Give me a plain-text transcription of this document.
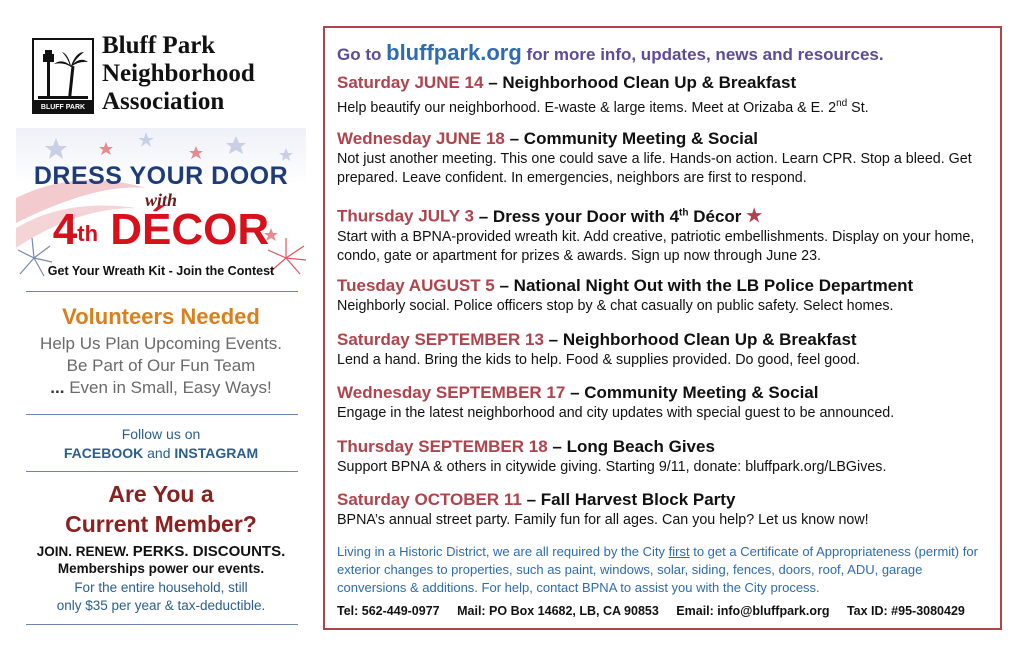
BLUFF PARK
Bluff Park
Neighborhood
Association
DRESS YOUR DOOR
with
4th DÉCOR
Get Your Wreath Kit - Join the Contest
Volunteers Needed
Help Us Plan Upcoming Events.
Be Part of Our Fun Team
... Even in Small, Easy Ways!
Follow us on
FACEBOOK and INSTAGRAM
Are You a
Current Member?
JOIN. RENEW. PERKS. DISCOUNTS.
Memberships power our events.
For the entire household, still
only $35 per year & tax-deductible.
Go to bluffpark.org for more info, updates, news and resources.
Saturday JUNE 14 – Neighborhood Clean Up & Breakfast
Help beautify our neighborhood. E-waste & large items. Meet at Orizaba & E. 2nd St.
Wednesday JUNE 18 – Community Meeting & Social
Not just another meeting. This one could save a life. Hands-on action. Learn CPR. Stop a bleed. Get prepared. Leave confident. In emergencies, neighbors are first to respond.
Thursday JULY 3 – Dress your Door with 4th Décor ★
Start with a BPNA-provided wreath kit. Add creative, patriotic embellishments. Display on your home, condo, gate or apartment for prizes & awards. Sign up now through June 23.
Tuesday AUGUST 5 – National Night Out with the LB Police Department
Neighborly social. Police officers stop by & chat casually on public safety. Select homes.
Saturday SEPTEMBER 13 – Neighborhood Clean Up & Breakfast
Lend a hand. Bring the kids to help. Food & supplies provided. Do good, feel good.
Wednesday SEPTEMBER 17 – Community Meeting & Social
Engage in the latest neighborhood and city updates with special guest to be announced.
Thursday SEPTEMBER 18 – Long Beach Gives
Support BPNA & others in citywide giving. Starting 9/11, donate: bluffpark.org/LBGives.
Saturday OCTOBER 11 – Fall Harvest Block Party
BPNA’s annual street party. Family fun for all ages. Can you help? Let us know now!
Living in a Historic District, we are all required by the City first to get a Certificate of Appropriateness (permit) for exterior changes to properties, such as paint, windows, solar, siding, fences, doors, roof, ADU, garage conversions & additions. For help, contact BPNA to assist you with the City process.
Tel: 562-449-0977 Mail: PO Box 14682, LB, CA 90853 Email: info@bluffpark.org Tax ID: #95-3080429
